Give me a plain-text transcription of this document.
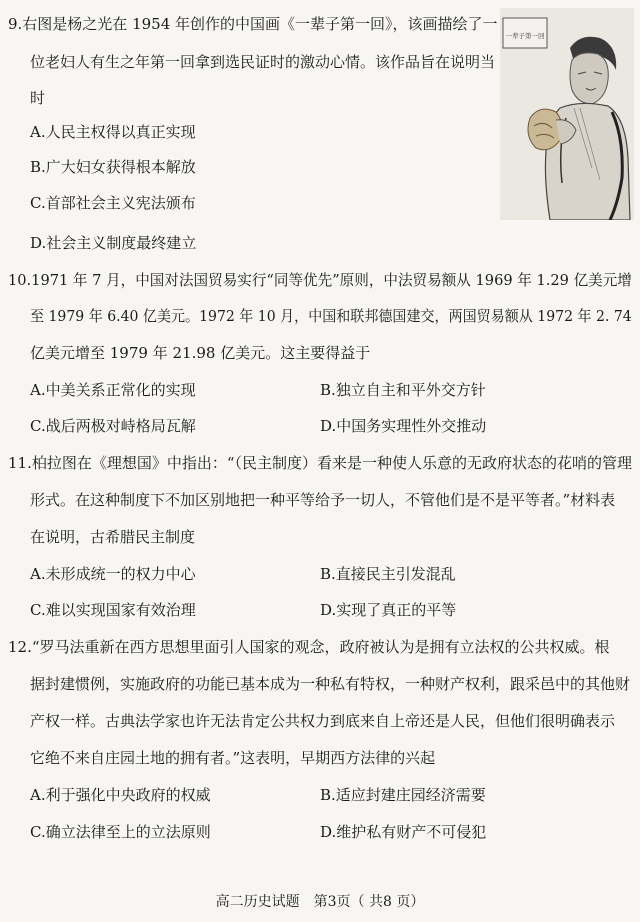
9.右图是杨之光在 1954 年创作的中国画《一辈子第一回》，该画描绘了一
位老妇人有生之年第一回拿到选民证时的激动心情。该作品旨在说明当
时
A.人民主权得以真正实现
B.广大妇女获得根本解放
C.首部社会主义宪法颁布
D.社会主义制度最终建立
一辈子第一回
10.1971 年 7 月，中国对法国贸易实行“同等优先”原则，中法贸易额从 1969 年 1.29 亿美元增
至 1979 年 6.40 亿美元。1972 年 10 月，中国和联邦德国建交，两国贸易额从 1972 年 2. 74
亿美元增至 1979 年 21.98 亿美元。这主要得益于
A.中美关系正常化的实现	B.独立自主和平外交方针
C.战后两极对峙格局瓦解	D.中国务实理性外交推动
11.柏拉图在《理想国》中指出：“（民主制度）看来是一种使人乐意的无政府状态的花哨的管理
形式。在这种制度下不加区别地把一种平等给予一切人，不管他们是不是平等者。”材料表
在说明，古希腊民主制度
A.未形成统一的权力中心	B.直接民主引发混乱
C.难以实现国家有效治理	D.实现了真正的平等
12.“罗马法重新在西方思想里面引人国家的观念，政府被认为是拥有立法权的公共权威。根
据封建惯例，实施政府的功能已基本成为一种私有特权，一种财产权利，跟采邑中的其他财
产权一样。古典法学家也许无法肯定公共权力到底来自上帝还是人民，但他们很明确表示
它绝不来自庄园土地的拥有者。”这表明，早期西方法律的兴起
A.利于强化中央政府的权威	B.适应封建庄园经济需要
C.确立法律至上的立法原则	D.维护私有财产不可侵犯
高二历史试题　第3页（ 共8 页）
